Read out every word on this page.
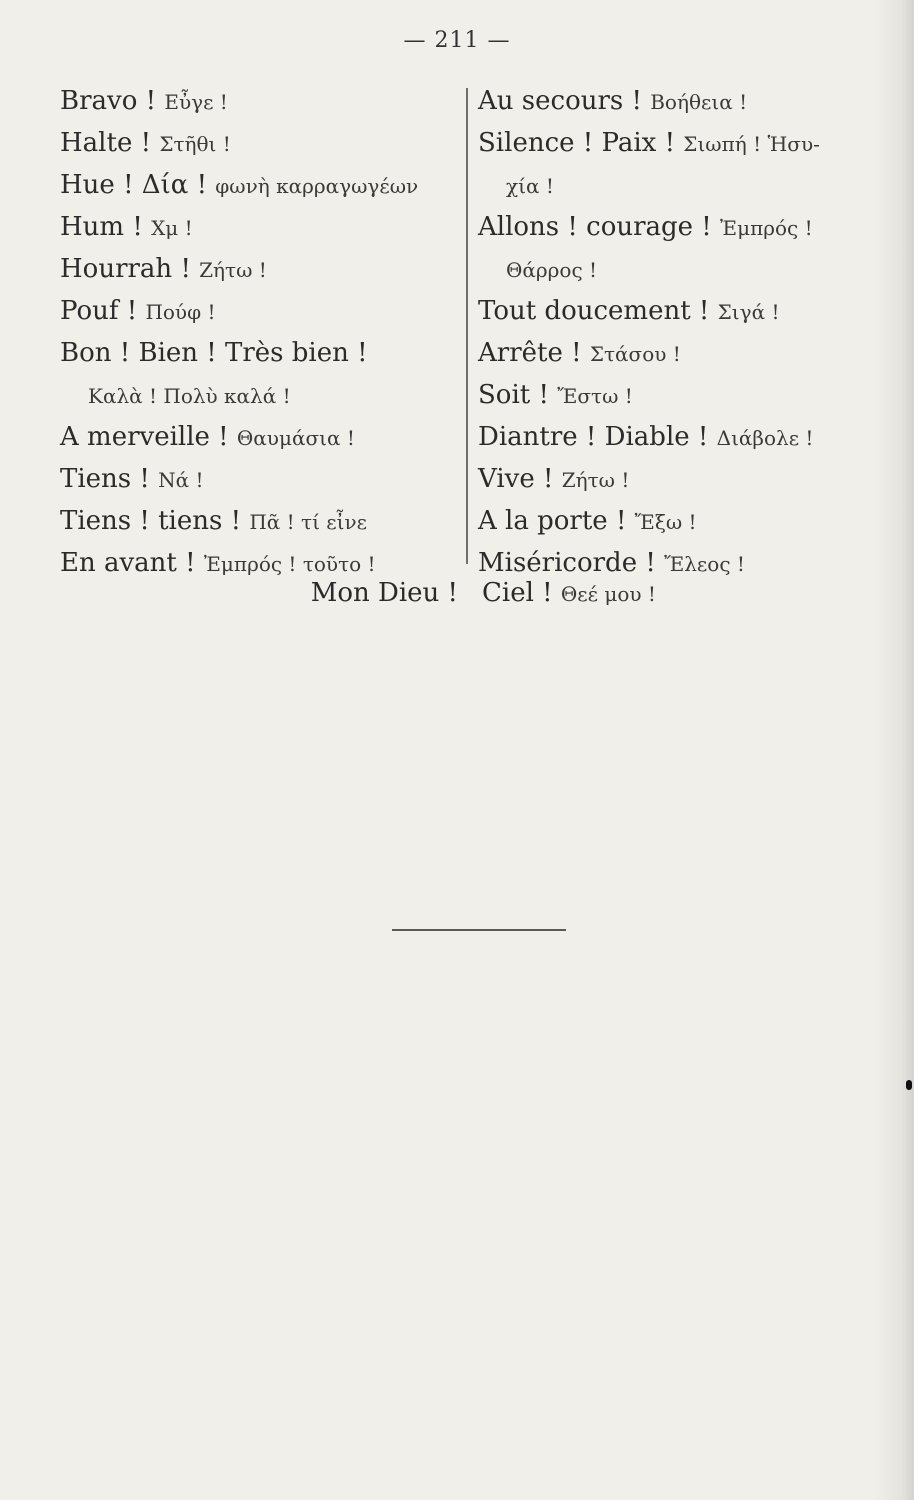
— 211 —
Bravo ! Εὖγε !
Halte ! Στῆθι !
Hue ! Δία ! φωνὴ καρραγωγέων
Hum ! Χμ !
Hourrah ! Ζήτω !
Pouf ! Πούφ !
Bon ! Bien ! Très bien !
Καλὰ ! Πολὺ καλά !
A merveille ! Θαυμάσια !
Tiens ! Νά !
Tiens ! tiens ! Πᾶ ! τί εἶνε
En avant ! Ἐμπρός ! τοῦτο !
Au secours ! Βοήθεια !
Silence ! Paix ! Σιωπή ! Ἡσυ-
χία !
Allons ! courage ! Ἐμπρός !
Θάρρος !
Tout doucement ! Σιγά !
Arrête ! Στάσου !
Soit ! Ἔστω !
Diantre ! Diable ! Διάβολε !
Vive ! Ζήτω !
A la porte ! Ἔξω !
Miséricorde ! Ἔλεος !
Mon Dieu ! Ciel ! Θεέ μου !
